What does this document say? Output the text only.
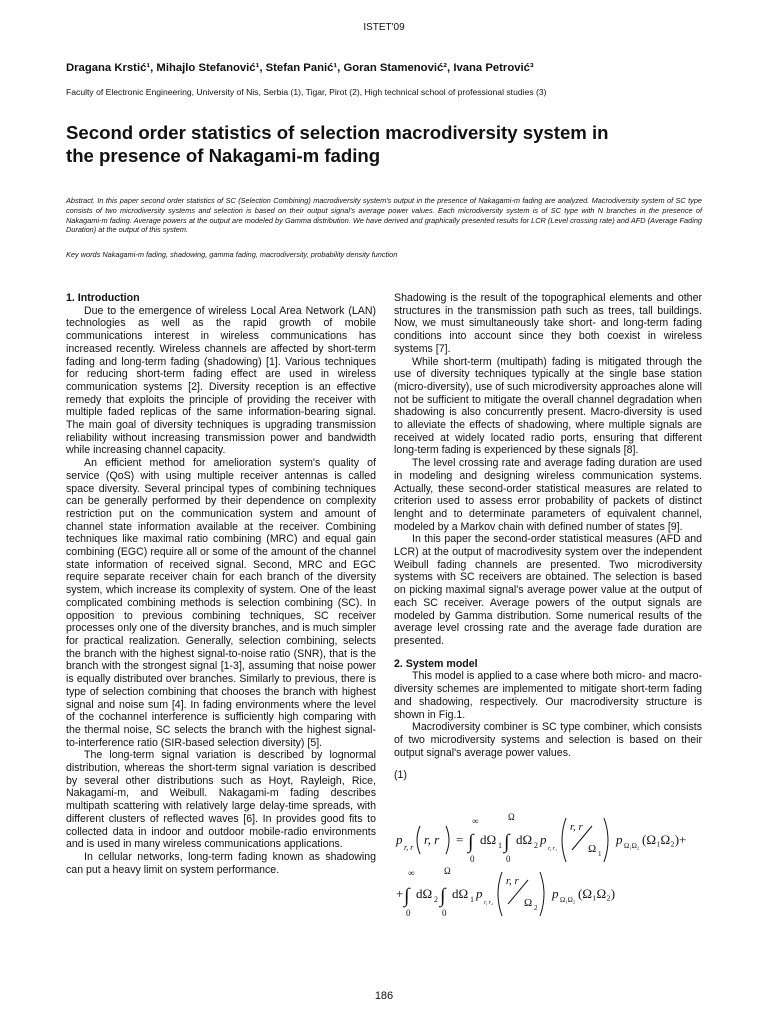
ISTET'09
Dragana Krstić¹, Mihajlo Stefanović¹, Stefan Panić¹, Goran Stamenović², Ivana Petrović³
Faculty of Electronic Engineering, University of Nis, Serbia (1), Tigar, Pirot (2), High technical school of professional studies (3)
Second order statistics of selection macrodiversity system in
the presence of Nakagami-m fading
Abstract. In this paper second order statistics of SC (Selection Combining) macrodiversity system's output in the presence of Nakagami-m fading are analyzed. Macrodiversity system of SC type consists of two microdiversity systems and selection is based on their output signal's average power values. Each microdiversity system is of SC type with N branches in the presence of Nakagami-m fading. Average powers at the output are modeled by Gamma distribution. We have derived and graphically presented results for LCR (Level crossing rate) and AFD (Average Fading Duration) at the output of this system.
Key words Nakagami-m fading, shadowing, gamma fading, macrodiversity, probability density function

1. Introduction

Due to the emergence of wireless Local Area Network (LAN) technologies as well as the rapid growth of mobile communications interest in wireless communications has increased recently. Wireless channels are affected by short-term fading and long-term fading (shadowing) [1]. Various techniques for reducing short-term fading effect are used in wireless communication systems [2]. Diversity reception is an effective remedy that exploits the principle of providing the receiver with multiple faded replicas of the same information-bearing signal. The main goal of diversity techniques is upgrading transmission reliability without increasing transmission power and bandwidth while increasing channel capacity.

An efficient method for amelioration system's quality of service (QoS) with using multiple receiver antennas is called space diversity. Several principal types of combining techniques can be generally performed by their dependence on complexity restriction put on the communication system and amount of channel state information available at the receiver. Combining techniques like maximal ratio combining (MRC) and equal gain combining (EGC) require all or some of the amount of the channel state information of received signal. Second, MRC and EGC require separate receiver chain for each branch of the diversity system, which increase its complexity of system. One of the least complicated combining methods is selection combining (SC). In opposition to previous combining techniques, SC receiver processes only one of the diversity branches, and is much simpler for practical realization. Generally, selection combining, selects the branch with the highest signal-to-noise ratio (SNR), that is the branch with the strongest signal [1-3], assuming that noise power is equally distributed over branches. Similarly to previous, there is type of selection combining that chooses the branch with highest signal and noise sum [4]. In fading environments where the level of the cochannel interference is sufficiently high comparing with the thermal noise, SC selects the branch with the highest signal-to-interference ratio (SIR-based selection diversity) [5].

The long-term signal variation is described by lognormal distribution, whereas the short-term signal variation is described by several other distributions such as Hoyt, Rayleigh, Rice, Nakagami-m, and Weibull. Nakagami-m fading describes multipath scattering with relatively large delay-time spreads, with different clusters of reflected waves [6]. In provides good fits to collected data in indoor and outdoor mobile-radio environments and is used in many wireless communications applications.

In cellular networks, long-term fading known as shadowing can put a heavy limit on system performance.

Shadowing is the result of the topographical elements and other structures in the transmission path such as trees, tall buildings. Now, we must simultaneously take short- and long-term fading conditions into account since they both coexist in wireless systems [7].

While short-term (multipath) fading is mitigated through the use of diversity techniques typically at the single base station (micro-diversity), use of such microdiversity approaches alone will not be sufficient to mitigate the overall channel degradation when shadowing is also concurrently present. Macro-diversity is used to alleviate the effects of shadowing, where multiple signals are received at widely located radio ports, ensuring that different long-term fading is experienced by these signals [8].

The level crossing rate and average fading duration are used in modeling and designing wireless communication systems. Actually, these second-order statistical measures are related to criterion used to assess error probability of packets of distinct lenght and to determinate parameters of equivalent channel, modeled by a Markov chain with defined number of states [9].

In this paper the second-order statistical measures (AFD and LCR) at the output of macrodivesity system over the independent Weibull fading channels are presented. Two microdiversity systems with SC receivers are obtained. The selection is based on picking maximal signal's average power value at the output of each SC receiver. Average powers of the output signals are modeled by Gamma distribution. Some numerical results of the average level crossing rate and the average fade duration are presented.

2. System model

This model is applied to a case where both micro- and macro-diversity schemes are implemented to mitigate short-term fading and shadowing, respectively. Our macrodiversity structure is shown in Fig.1.

Macrodiversity combiner is SC type combiner, which consists of two microdiversity systems and selection is based on their output signal's average power values.

(1)

p
r, r
r, r = ∫
∞
0
dΩ 1 ∫
Ω
0
dΩ 2 p
r, r₁
r, r
Ω 1
p Ω₁Ω₂ (Ω₁Ω₂)+
+ ∫
∞
0
dΩ 2 ∫
Ω
0
dΩ 1 p
r, r₂
r, r
Ω 2
p Ω₁Ω₂ (Ω₁Ω₂)
186
